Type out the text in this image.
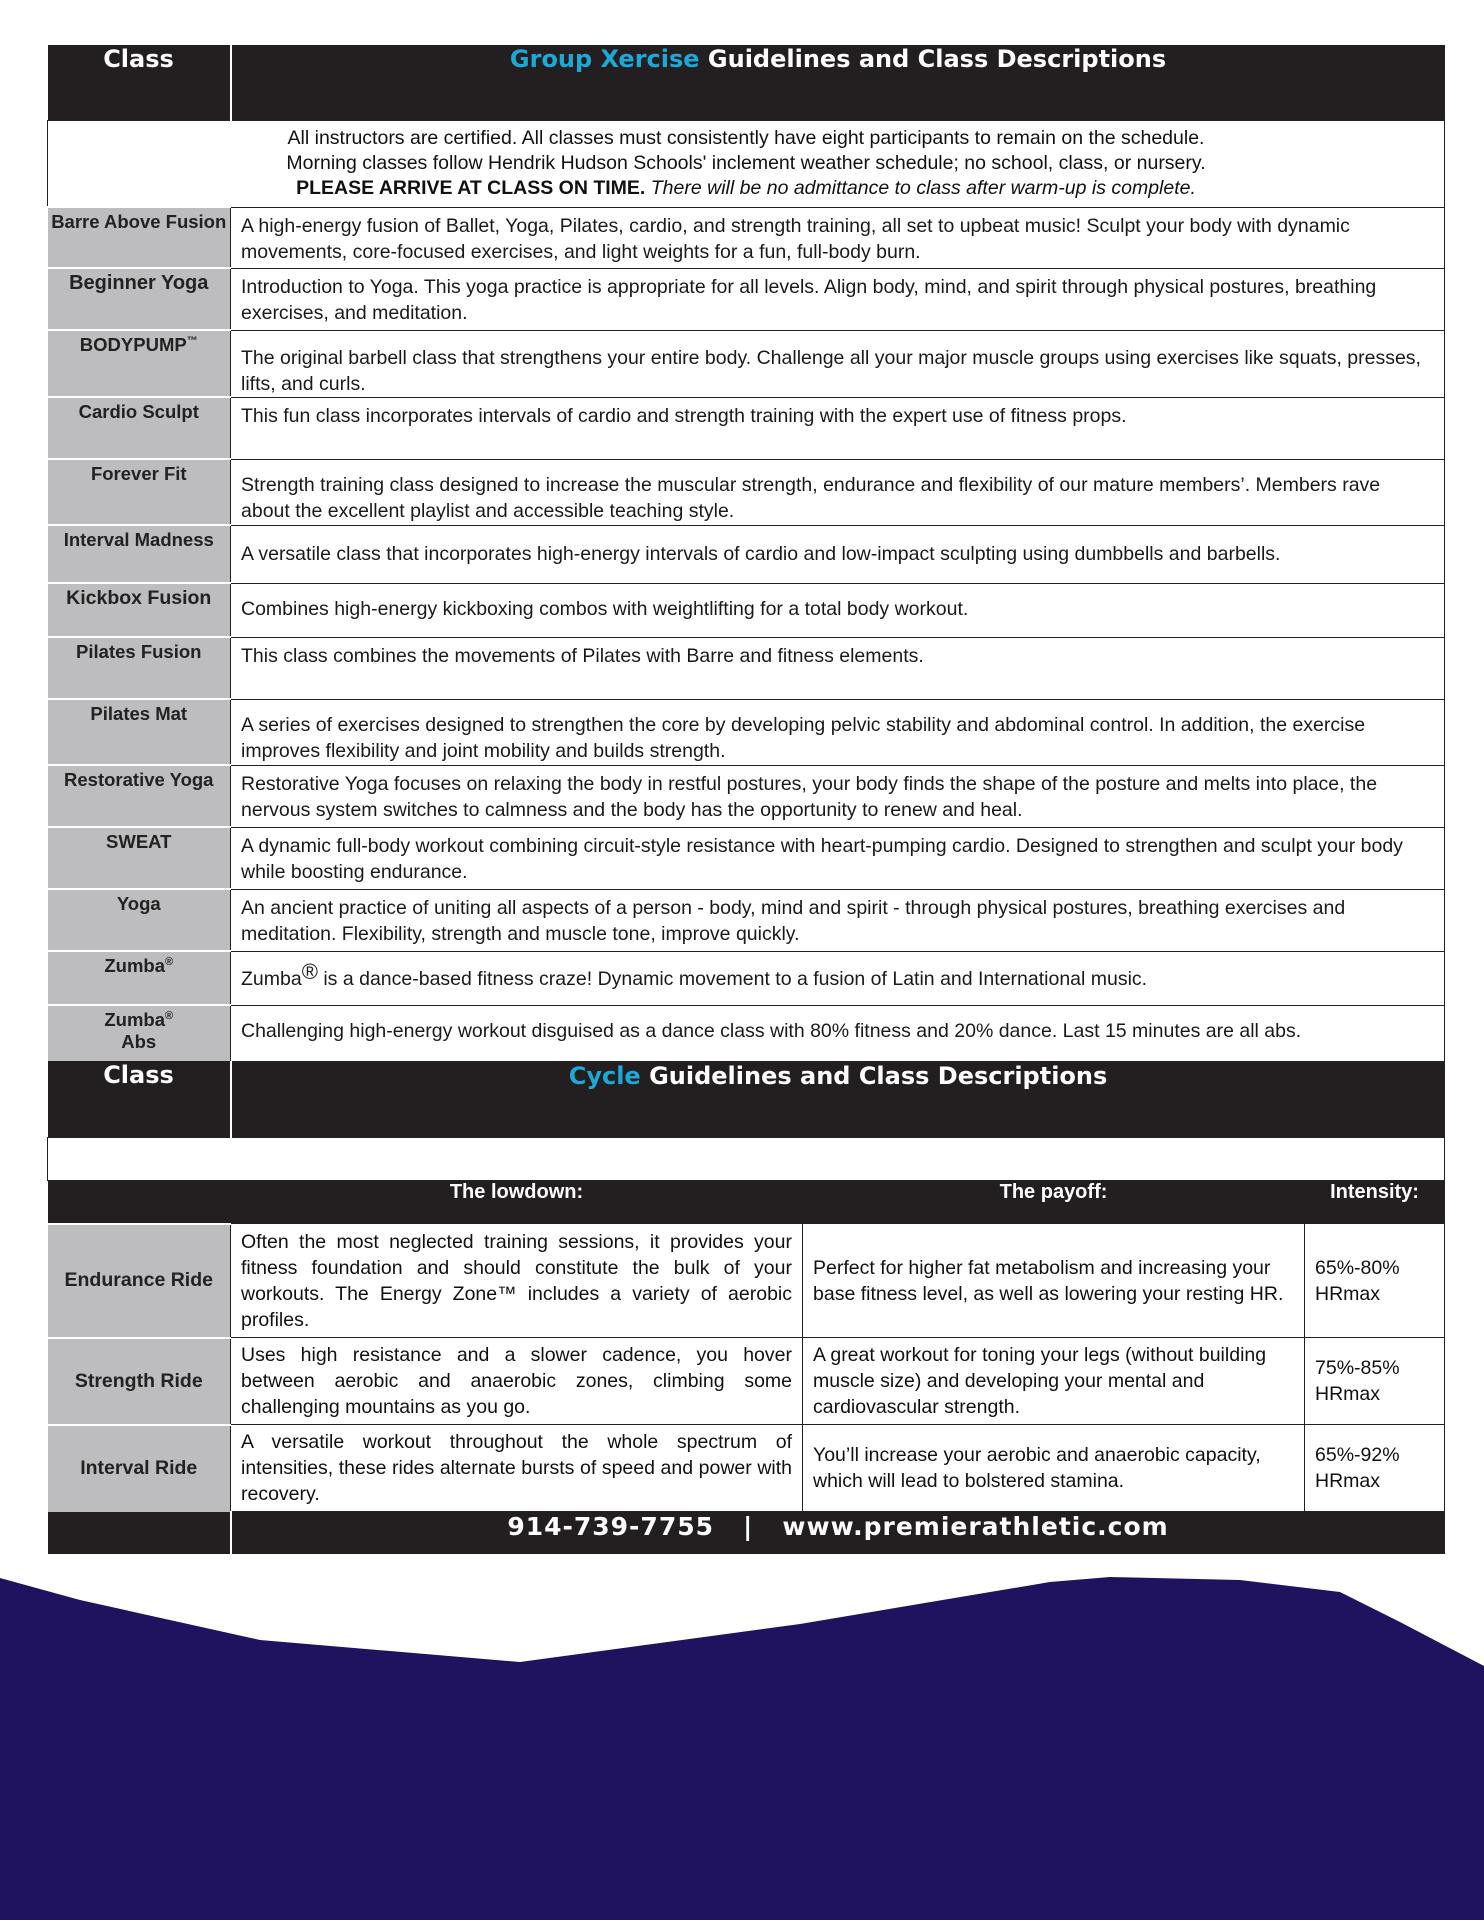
Class	Group Xercise Guidelines and Class Descriptions		

All instructors are certified. All classes must consistently have eight participants to remain on the schedule.
Morning classes follow Hendrik Hudson Schools' inclement weather schedule; no school, class, or nursery.
PLEASE ARRIVE AT CLASS ON TIME. There will be no admittance to class after warm-up is complete.			

Barre Above Fusion	A high-energy fusion of Ballet, Yoga, Pilates, cardio, and strength training, all set to upbeat music! Sculpt your body with dynamic movements, core-focused exercises, and light weights for a fun, full-body burn.		
Beginner Yoga	Introduction to Yoga. This yoga practice is appropriate for all levels. Align body, mind, and spirit through physical postures, breathing exercises, and meditation.		
BODYPUMP™	The original barbell class that strengthens your entire body. Challenge all your major muscle groups using exercises like squats, presses, lifts, and curls.		
Cardio Sculpt	This fun class incorporates intervals of cardio and strength training with the expert use of fitness props.		
Forever Fit	Strength training class designed to increase the muscular strength, endurance and flexibility of our mature members’. Members rave about the excellent playlist and accessible teaching style.		
Interval Madness	A versatile class that incorporates high-energy intervals of cardio and low-impact sculpting using dumbbells and barbells.		
Kickbox Fusion	Combines high-energy kickboxing combos with weightlifting for a total body workout.		
Pilates Fusion	This class combines the movements of Pilates with Barre and fitness elements.		
Pilates Mat	A series of exercises designed to strengthen the core by developing pelvic stability and abdominal control. In addition, the exercise improves flexibility and joint mobility and builds strength.		
Restorative Yoga	Restorative Yoga focuses on relaxing the body in restful postures, your body finds the shape of the posture and melts into place, the nervous system switches to calmness and the body has the opportunity to renew and heal.		
SWEAT	A dynamic full-body workout combining circuit-style resistance with heart-pumping cardio. Designed to strengthen and sculpt your body while boosting endurance.		
Yoga	An ancient practice of uniting all aspects of a person - body, mind and spirit - through physical postures, breathing exercises and meditation. Flexibility, strength and muscle tone, improve quickly.		
Zumba®	Zumba® is a dance-based fitness craze! Dynamic movement to a fusion of Latin and International music.		

Zumba®
Abs	Challenging high-energy workout disguised as a dance class with 80% fitness and 20% dance. Last 15 minutes are all abs.		
Class	Cycle Guidelines and Class Descriptions		

	The lowdown:	The payoff:	Intensity:
Endurance Ride	Often the most neglected training sessions, it provides your fitness foundation and should constitute the bulk of your workouts. The Energy Zone™ includes a variety of aerobic profiles.	Perfect for higher fat metabolism and increasing your base fitness level, as well as lowering your resting HR.	65%-80% HRmax
Strength Ride	Uses high resistance and a slower cadence, you hover between aerobic and anaerobic zones, climbing some challenging mountains as you go.	A great workout for toning your legs (without building muscle size) and developing your mental and cardiovascular strength.	75%-85% HRmax
Interval Ride	A versatile workout throughout the whole spectrum of intensities, these rides alternate bursts of speed and power with recovery.	You’ll increase your aerobic and anaerobic capacity, which will lead to bolstered stamina.	65%-92% HRmax
	914-739-7755 | www.premierathletic.com		
